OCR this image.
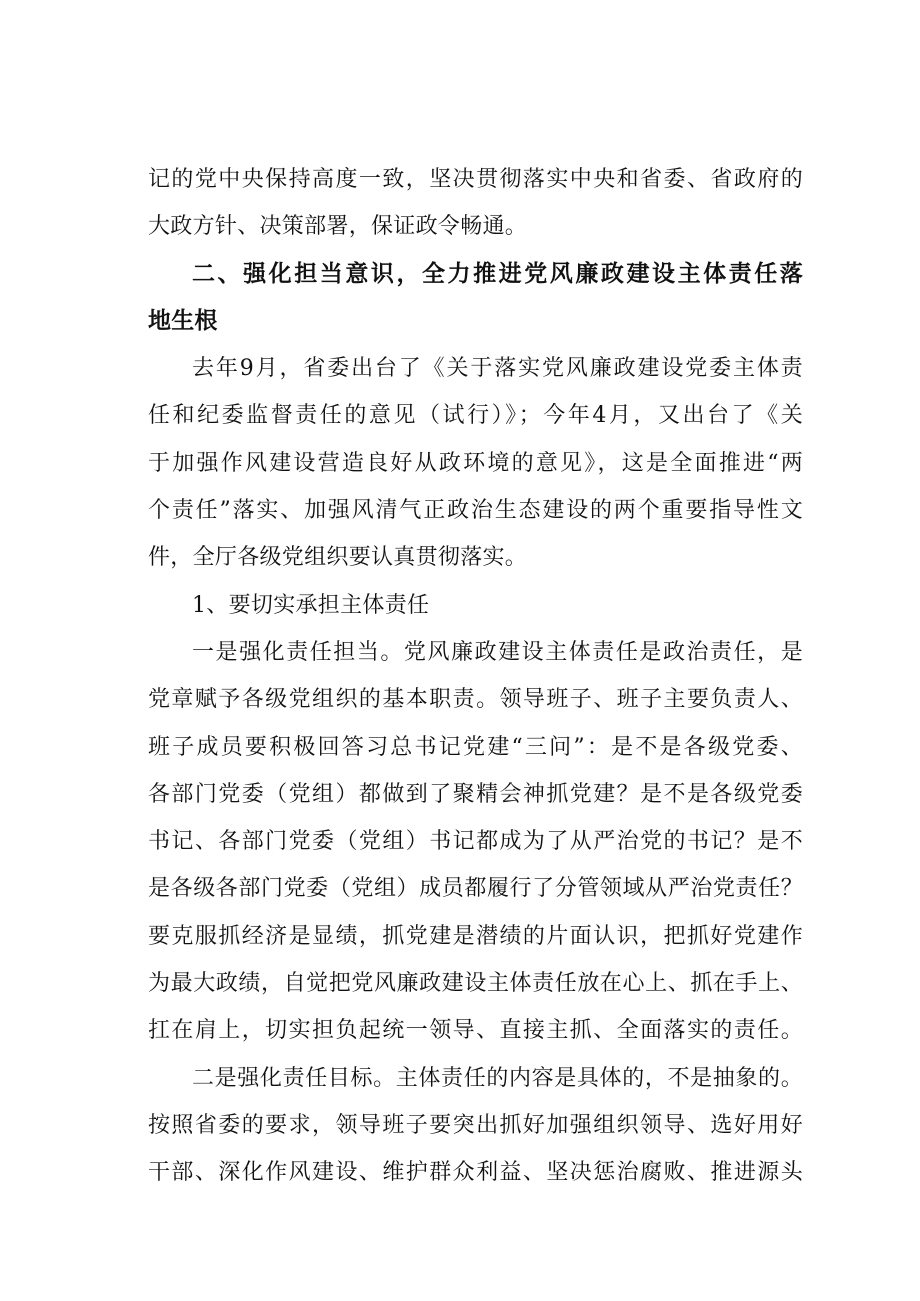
记的党中央保持高度一致，坚决贯彻落实中央和省委、省政府的

大政方针、决策部署，保证政令畅通。

二、强化担当意识，全力推进党风廉政建设主体责任落

地生根

去年9月，省委出台了《关于落实党风廉政建设党委主体责

任和纪委监督责任的意见（试行）》；今年4月，又出台了《关

于加强作风建设营造良好从政环境的意见》，这是全面推进“两

个责任”落实、加强风清气正政治生态建设的两个重要指导性文

件，全厅各级党组织要认真贯彻落实。

1、要切实承担主体责任

一是强化责任担当。党风廉政建设主体责任是政治责任，是

党章赋予各级党组织的基本职责。领导班子、班子主要负责人、

班子成员要积极回答习总书记党建“三问”：是不是各级党委、

各部门党委（党组）都做到了聚精会神抓党建？是不是各级党委

书记、各部门党委（党组）书记都成为了从严治党的书记？是不

是各级各部门党委（党组）成员都履行了分管领域从严治党责任？

要克服抓经济是显绩，抓党建是潜绩的片面认识，把抓好党建作

为最大政绩，自觉把党风廉政建设主体责任放在心上、抓在手上、

扛在肩上，切实担负起统一领导、直接主抓、全面落实的责任。

二是强化责任目标。主体责任的内容是具体的，不是抽象的。

按照省委的要求，领导班子要突出抓好加强组织领导、选好用好

干部、深化作风建设、维护群众利益、坚决惩治腐败、推进源头
